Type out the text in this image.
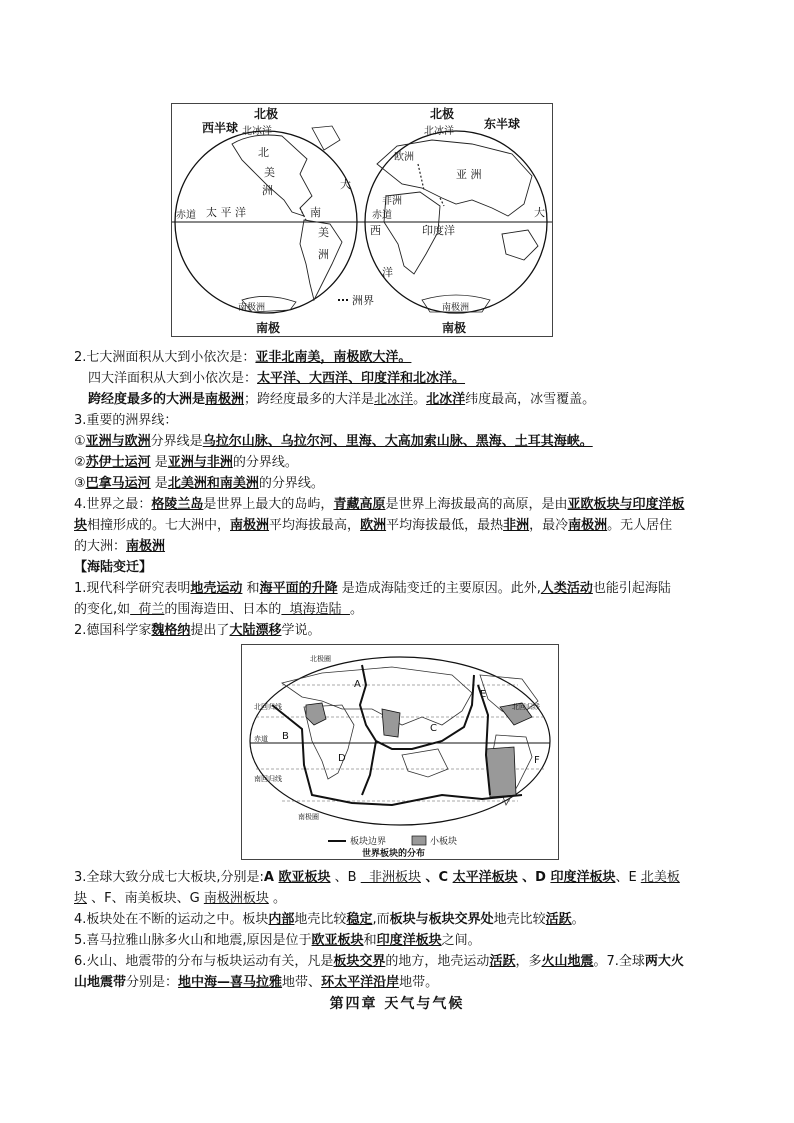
西半球
北极	北极
东半球
北冰洋	北冰洋
北
美
洲
欧洲
亚 洲
非洲
赤道	赤道
太 平 洋
大
大
南
美
洲
西
洋
印度洋
南极洲	南极洲
洲界
南极	南极
2.七大洲面积从大到小依次是：亚非北南美，南极欧大洋。
四大洋面积从大到小依次是：太平洋、大西洋、印度洋和北冰洋。
跨经度最多的大洲是南极洲；跨经度最多的大洋是北冰洋。北冰洋纬度最高，冰雪覆盖。
3.重要的洲界线：
①亚洲与欧洲分界线是乌拉尔山脉、乌拉尔河、里海、大高加索山脉、黑海、土耳其海峡。
②苏伊士运河 是亚洲与非洲的分界线。
③巴拿马运河 是北美洲和南美洲的分界线。
4.世界之最：格陵兰岛是世界上最大的岛屿，青藏高原是世界上海拔最高的高原，是由亚欧板块与印度洋板
块相撞形成的。七大洲中，南极洲平均海拔最高，欧洲平均海拔最低，最热非洲，最冷南极洲。无人居住
的大洲：南极洲
【海陆变迁】
1.现代科学研究表明地壳运动 和海平面的升降 是造成海陆变迁的主要原因。此外,人类活动也能引起海陆
的变化,如  荷兰的围海造田、日本的  填海造陆  。
2.德国科学家魏格纳提出了大陆漂移学说。
北极圈
A
B
C
D
E
F
北回归线	北回归线
赤道
南回归线
南极圈
板块边界	小板块
世界板块的分布
3.全球大致分成七大板块,分别是:A 欧亚板块 、B   非洲板块 、C 太平洋板块 、D 印度洋板块、E 北美板
块 、F、南美板块、G 南极洲板块 。
4.板块处在不断的运动之中。板块内部地壳比较稳定,而板块与板块交界处地壳比较活跃。
5.喜马拉雅山脉多火山和地震,原因是位于欧亚板块和印度洋板块之间。
6.火山、地震带的分布与板块运动有关，凡是板块交界的地方，地壳运动活跃，多火山地震。7.全球两大火
山地震带分别是：地中海—喜马拉雅地带、环太平洋沿岸地带。
第四章 天气与气候
